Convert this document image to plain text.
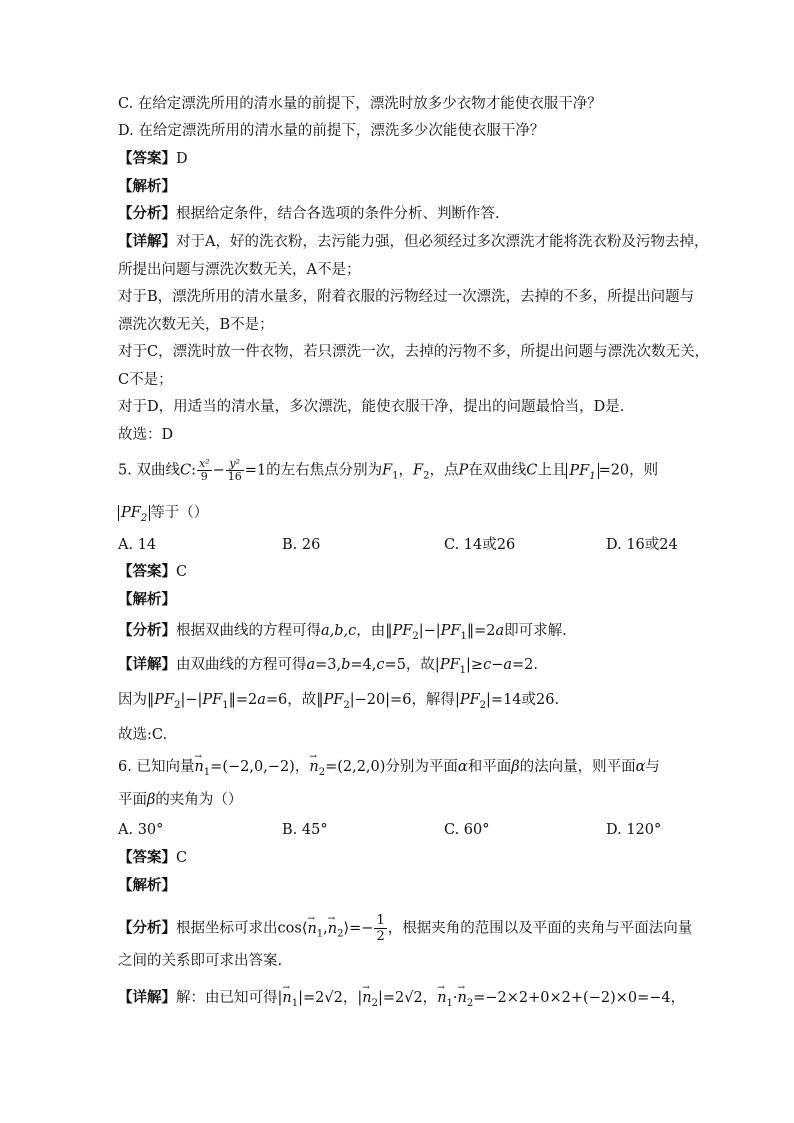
C. 在给定漂洗所用的清水量的前提下，漂洗时放多少衣物才能使衣服干净？
D. 在给定漂洗所用的清水量的前提下，漂洗多少次能使衣服干净？
【答案】D
【解析】
【分析】根据给定条件，结合各选项的条件分析、判断作答.
【详解】对于A，好的洗衣粉，去污能力强，但必须经过多次漂洗才能将洗衣粉及污物去掉，
所提出问题与漂洗次数无关，A不是；
对于B，漂洗所用的清水量多，附着衣服的污物经过一次漂洗，去掉的不多，所提出问题与
漂洗次数无关，B不是；
对于C，漂洗时放一件衣物，若只漂洗一次，去掉的污物不多，所提出问题与漂洗次数无关，
C不是；
对于D，用适当的清水量，多次漂洗，能使衣服干净，提出的问题最恰当，D是.
故选：D
5. 双曲线C: $\frac{\text{x²}}{9} - \frac{\text{y²}}{16} =1$的左右焦点分别为$F_1$，$F_2$，点P在双曲线C上且 $PF_1 =20$，则
$PF_2$ 等于（）
A. 14	B. 26	C. 14或26	D. 16或24
【答案】C
【解析】
【分析】根据双曲线的方程可得a,b,c，由$‖PF_2|-|PF_1‖=2a$即可求解.
【详解】由双曲线的方程可得a=3,b=4,c=5，故$|PF_1|\ge c-a=2$.
因为$‖PF_2|-|PF_1‖=2a=6$，故$‖PF_2|-20|=6$，解得$|PF_2|=14$或26.
故选:C.
6. 已知向量→ $n_1=(-2,0,-2)$，→ $n_2=(2,2,0)$分别为平面α和平面β的法向量，则平面α与
平面β的夹角为（）
A. 30°	B. 45°	C. 60°	D. 120°
【答案】C
【解析】
【分析】根据坐标可求出cos⟨→ $n_1,\to$ $n_2⟩=- \frac{1}{2}$ ，根据夹角的范围以及平面的夹角与平面法向量
之间的关系即可求出答案.
【详解】解：由已知可得|→ $n_1|=2√2$，|→ $n_2|=2√2$，→ $n_1\cdot\to n_2=-2\times 2+0\times 2+(-2)\times 0=-4$，
